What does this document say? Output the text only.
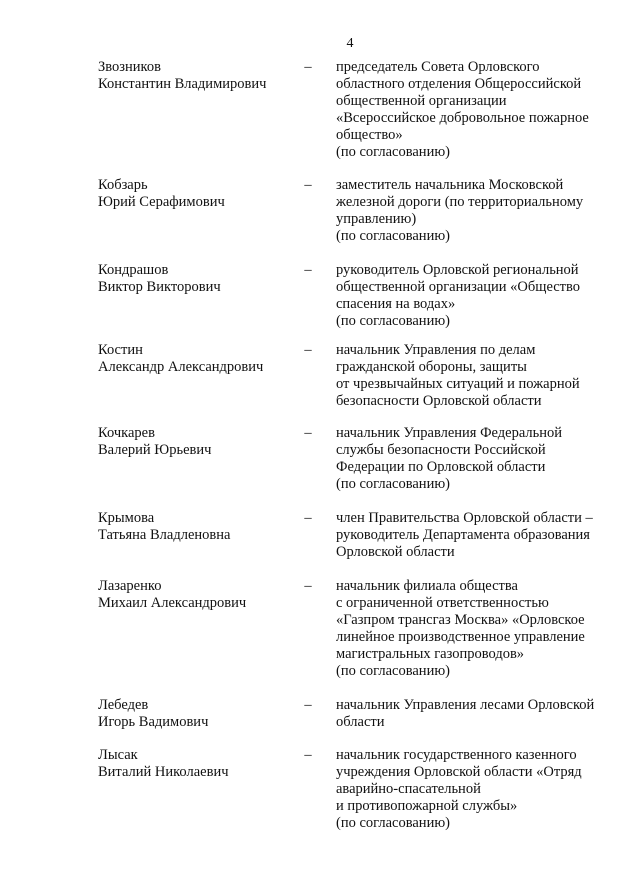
4
Звозников
Константин Владимирович
– председатель Совета Орловского
областного отделения Общероссийской
общественной организации
«Всероссийское добровольное пожарное
общество»
(по согласованию)
Кобзарь
Юрий Серафимович
– заместитель начальника Московской
железной дороги (по территориальному
управлению)
(по согласованию)
Кондрашов
Виктор Викторович
– руководитель Орловской региональной
общественной организации «Общество
спасения на водах»
(по согласованию)
Костин
Александр Александрович
– начальник Управления по делам
гражданской обороны, защиты
от чрезвычайных ситуаций и пожарной
безопасности Орловской области
Кочкарев
Валерий Юрьевич
– начальник Управления Федеральной
службы безопасности Российской
Федерации по Орловской области
(по согласованию)
Крымова
Татьяна Владленовна
– член Правительства Орловской области –
руководитель Департамента образования
Орловской области
Лазаренко
Михаил Александрович
– начальник филиала общества
с ограниченной ответственностью
«Газпром трансгаз Москва» «Орловское
линейное производственное управление
магистральных газопроводов»
(по согласованию)
Лебедев
Игорь Вадимович
– начальник Управления лесами Орловской
области
Лысак
Виталий Николаевич
– начальник государственного казенного
учреждения Орловской области «Отряд
аварийно-спасательной
и противопожарной службы»
(по согласованию)
